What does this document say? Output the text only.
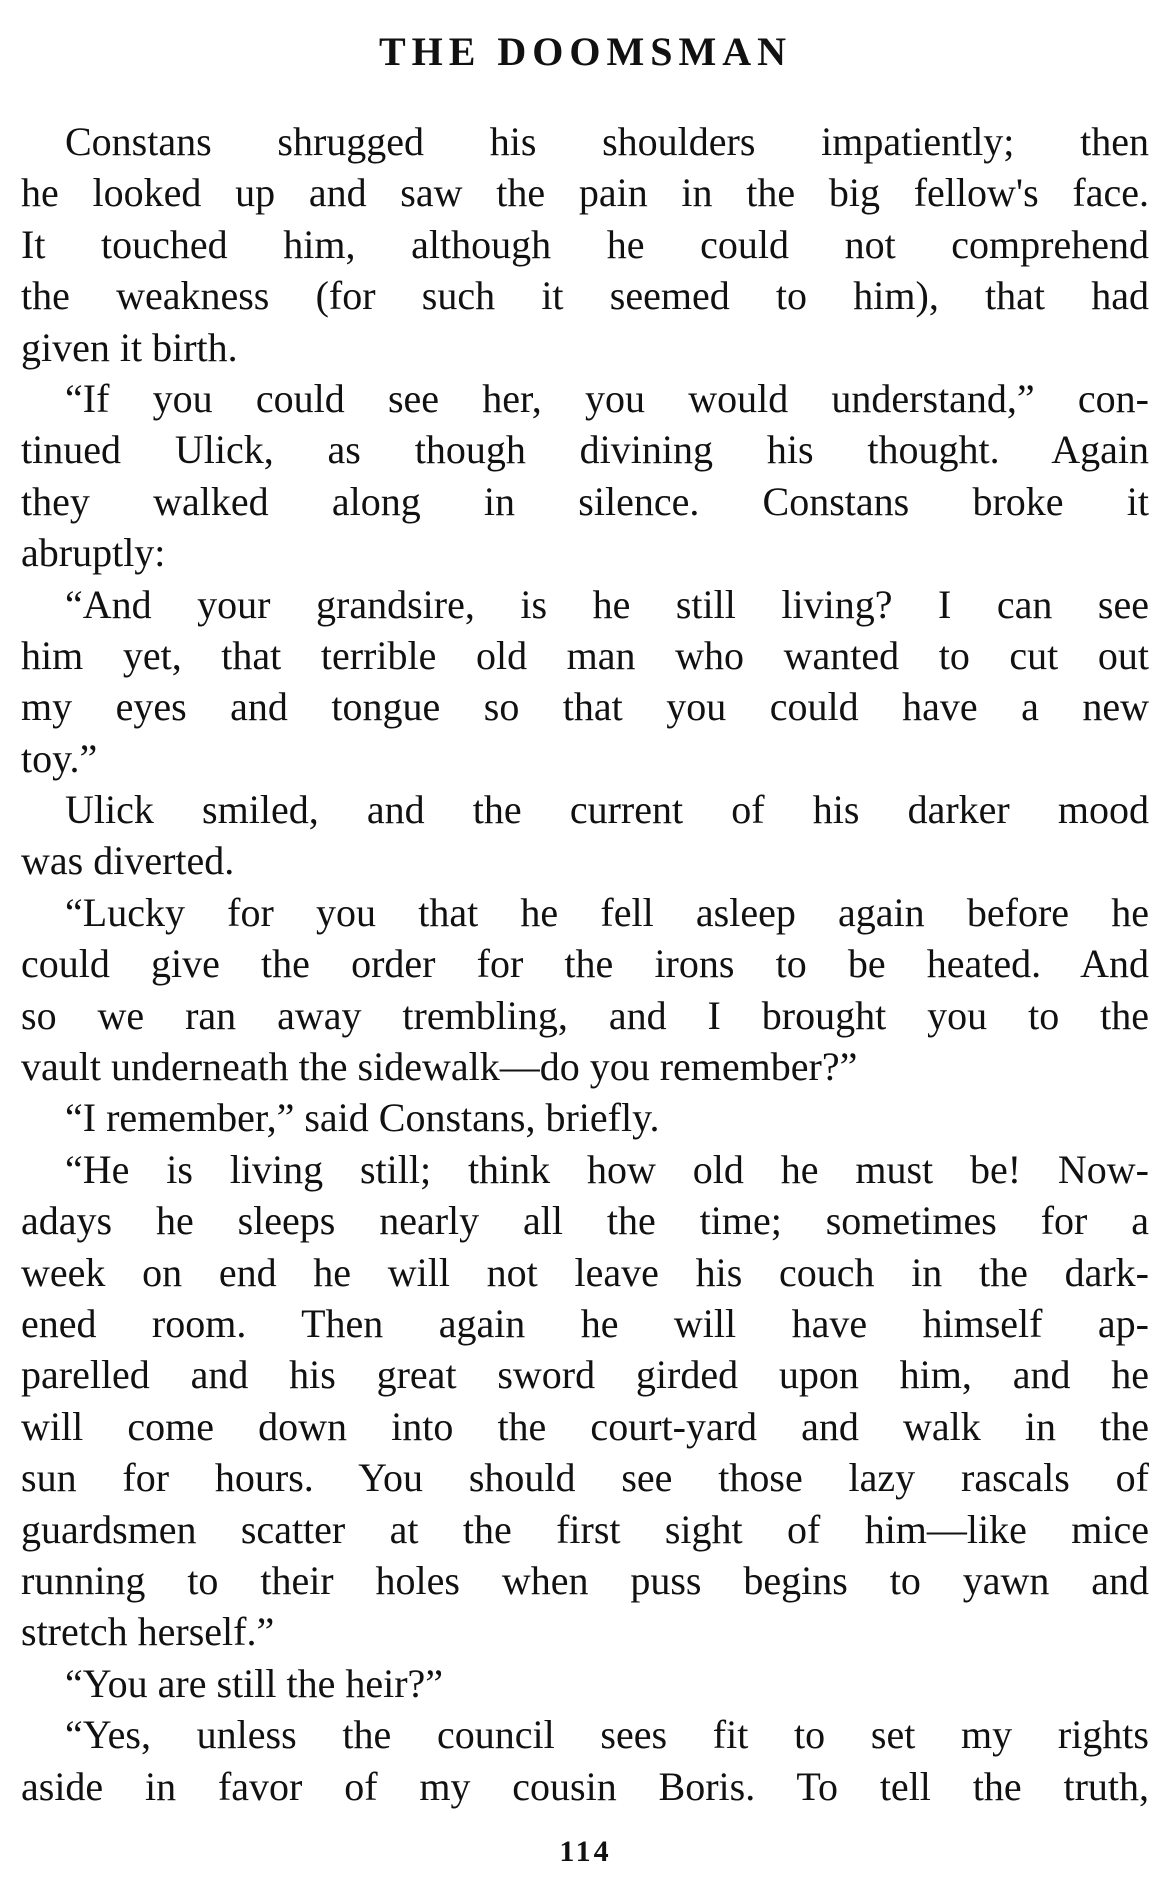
THE DOOMSMAN
Constans shrugged his shoulders impatiently; then
he looked up and saw the pain in the big fellow's face.
It touched him, although he could not comprehend
the weakness (for such it seemed to him), that had
given it birth.
“If you could see her, you would understand,” con-
tinued Ulick, as though divining his thought. Again
they walked along in silence. Constans broke it
abruptly:
“And your grandsire, is he still living? I can see
him yet, that terrible old man who wanted to cut out
my eyes and tongue so that you could have a new
toy.”
Ulick smiled, and the current of his darker mood
was diverted.
“Lucky for you that he fell asleep again before he
could give the order for the irons to be heated. And
so we ran away trembling, and I brought you to the
vault underneath the sidewalk—do you remember?”
“I remember,” said Constans, briefly.
“He is living still; think how old he must be! Now-
adays he sleeps nearly all the time; sometimes for a
week on end he will not leave his couch in the dark-
ened room. Then again he will have himself ap-
parelled and his great sword girded upon him, and he
will come down into the court-yard and walk in the
sun for hours. You should see those lazy rascals of
guardsmen scatter at the first sight of him—like mice
running to their holes when puss begins to yawn and
stretch herself.”
“You are still the heir?”
“Yes, unless the council sees fit to set my rights
aside in favor of my cousin Boris. To tell the truth,
114
